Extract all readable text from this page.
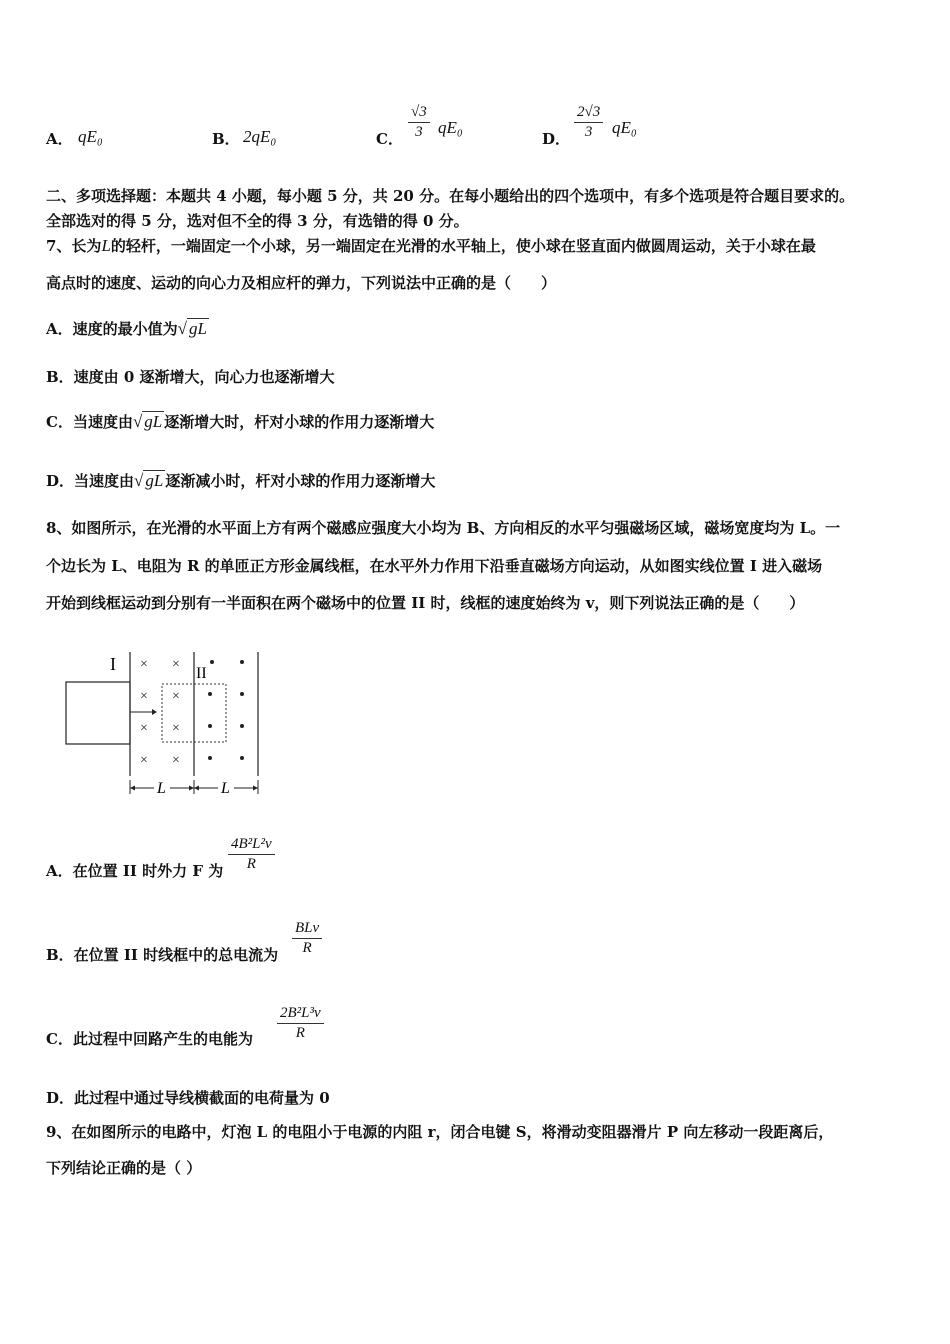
A． qE₀	B． 2qE₀	C． $\frac{√3}{3} qE_0$
D． $\frac{2√3}{3} qE_0$
二、多项选择题：本题共 4 小题，每小题 5 分，共 20 分。在每小题给出的四个选项中，有多个选项是符合题目要求的。
全部选对的得 5 分，选对但不全的得 3 分，有选错的得 0 分。
7、长为L的轻杆，一端固定一个小球，另一端固定在光滑的水平轴上，使小球在竖直面内做圆周运动，关于小球在最
高点时的速度、运动的向心力及相应杆的弹力，下列说法中正确的是（　　）
A．速度的最小值为√ gL
B．速度由 0 逐渐增大，向心力也逐渐增大
C．当速度由√ gL 逐渐增大时，杆对小球的作用力逐渐增大
D．当速度由√ gL 逐渐减小时，杆对小球的作用力逐渐增大
8、如图所示，在光滑的水平面上方有两个磁感应强度大小均为 B、方向相反的水平匀强磁场区域，磁场宽度均为 L。一
个边长为 L、电阻为 R 的单匝正方形金属线框，在水平外力作用下沿垂直磁场方向运动，从如图实线位置 I 进入磁场
开始到线框运动到分别有一半面积在两个磁场中的位置 II 时，线框的速度始终为 v，则下列说法正确的是（　　）
I	II
× ×
× ×
× ×
× ×
L	L
A．在位置 II 时外力 F 为 $\frac{\text{4B²L²v}}{R}$
B．在位置 II 时线框中的总电流为
BLv
R
C．此过程中回路产生的电能为 $\frac{\text{2B²L³v}}{R}$
D．此过程中通过导线横截面的电荷量为 0
9、在如图所示的电路中，灯泡 L 的电阻小于电源的内阻 r，闭合电键 S，将滑动变阻器滑片 P 向左移动一段距离后，
下列结论正确的是（ ）
